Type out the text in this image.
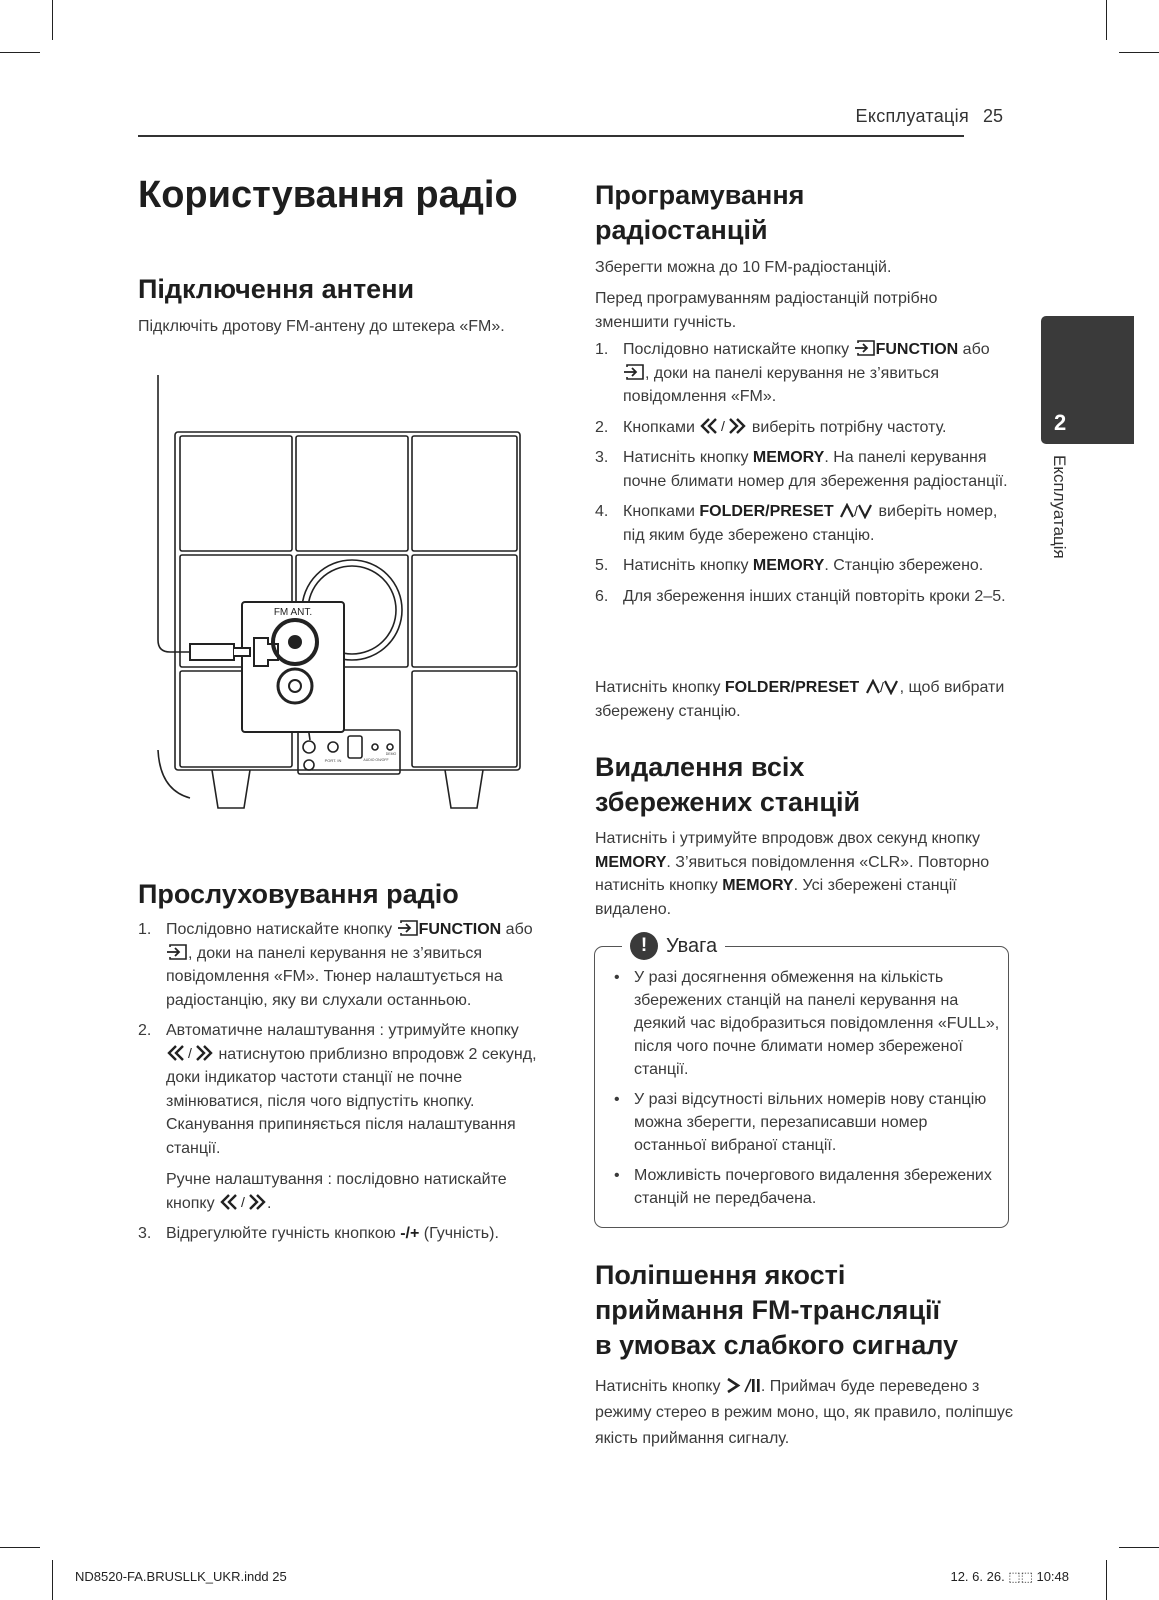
Експлуатація 25
2
Експлуатація
Користування радіо
Підключення антени
Підключіть дротову FM-антену до штекера «FM».
FM ANT.
PORT. IN	AUDIO ON/OFF
DEMO
Прослуховування радіо
1. Послідовно натискайте кнопку FUNCTION або , доки на панелі керування не з’явиться повідомлення «FM». Тюнер налаштується на радіостанцію, яку ви слухали останньою.
2. Автоматичне налаштування : утримуйте кнопку
/ натиснутою приблизно впродовж 2 секунд, доки індикатор частоти станції не почне змінюватися, після чого відпустіть кнопку. Сканування припиняється після налаштування станції.
Ручне налаштування : послідовно натискайте кнопку / .
3. Відрегулюйте гучність кнопкою -/+ (Гучність).
Програмування
радіостанцій
Зберегти можна до 10 FM-радіостанцій.
Перед програмуванням радіостанцій потрібно зменшити гучність.
1. Послідовно натискайте кнопку FUNCTION або , доки на панелі керування не з’явиться повідомлення «FM».
2. Кнопками / виберіть потрібну частоту.
3. Натисніть кнопку MEMORY. На панелі керування почне блимати номер для збереження радіостанції.
4. Кнопками FOLDER/PRESET / виберіть номер, під яким буде збережено станцію.
5. Натисніть кнопку MEMORY. Станцію збережено.
6. Для збереження інших станцій повторіть кроки 2–5.
Натисніть кнопку FOLDER/PRESET / , щоб вибрати збережену станцію.
Видалення всіх
збережених станцій
Натисніть і утримуйте впродовж двох секунд кнопку MEMORY. З’явиться повідомлення «CLR». Повторно натисніть кнопку MEMORY. Усі збережені станції видалено.
! Увага
• У разі досягнення обмеження на кількість збережених станцій на панелі керування на деякий час відобразиться повідомлення «FULL», після чого почне блимати номер збереженої станції.
• У разі відсутності вільних номерів нову станцію можна зберегти, перезаписавши номер останньої вибраної станції.
• Можливість почергового видалення збережених станцій не передбачена.
Поліпшення якості
приймання FM-трансляції
в умовах слабкого сигналу
Натисніть кнопку	. Приймач буде переведено з режиму стерео в режим моно, що, як правило, поліпшує якість приймання сигналу.
ND8520-FA.BRUSLLK_UKR.indd 25	12. 6. 26. ⬚⬚ 10:48
